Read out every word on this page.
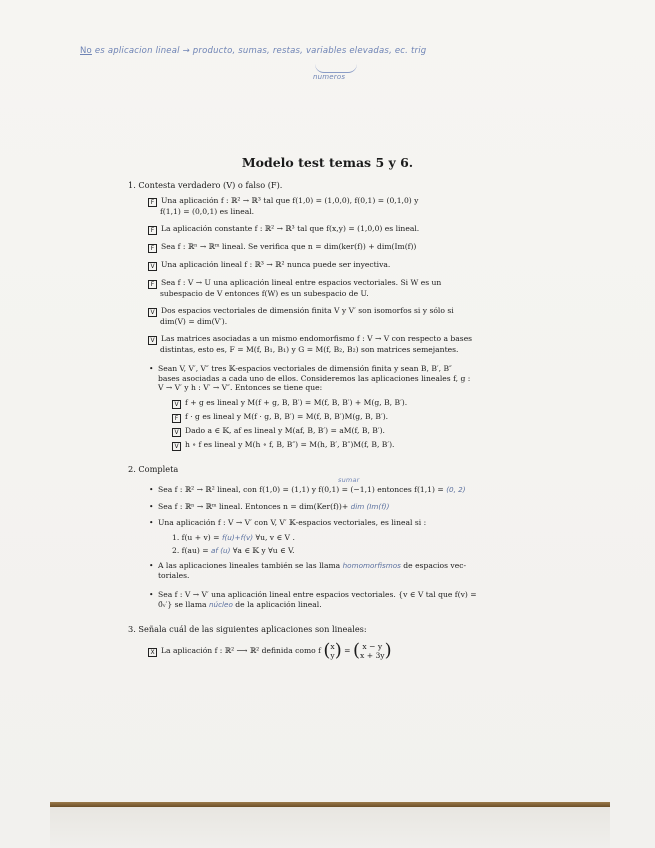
No es aplicacion lineal → producto, sumas, restas, variables elevadas, ec. trig
numeros
Modelo test temas 5 y 6.
1. Contesta verdadero (V) o falso (F).
F Una aplicación f : ℝ² → ℝ³ tal que f(1,0) = (1,0,0), f(0,1) = (0,1,0) y
f(1,1) = (0,0,1) es lineal.
F La aplicación constante f : ℝ² → ℝ³ tal que f(x,y) = (1,0,0) es lineal.
F Sea f : ℝⁿ → ℝᵐ lineal. Se verifica que n = dim(ker(f)) + dim(Im(f))
V Una aplicación lineal f : ℝ³ → ℝ² nunca puede ser inyectiva.
F Sea f : V → U una aplicación lineal entre espacios vectoriales. Si W es un
subespacio de V entonces f(W) es un subespacio de U.
V Dos espacios vectoriales de dimensión finita V y V′ son isomorfos si y sólo si
dim(V) = dim(V′).
V Las matrices asociadas a un mismo endomorfismo f : V → V con respecto a bases
distintas, esto es, F = M(f, B₁, B₁) y G = M(f, B₂, B₂) son matrices semejantes.
• Sean V, V′, V″ tres 𝕂-espacios vectoriales de dimensión finita y sean B, B′, B″
bases asociadas a cada uno de ellos. Consideremos las aplicaciones lineales f, g :
V → V′ y h : V′ → V″. Entonces se tiene que:
V f + g es lineal y M(f + g, B, B′) = M(f, B, B′) + M(g, B, B′).
F f · g es lineal y M(f · g, B, B′) = M(f, B, B′)M(g, B, B′).
V Dado a ∈ 𝕂, af es lineal y M(af, B, B′) = aM(f, B, B′).
V h ∘ f es lineal y M(h ∘ f, B, B″) = M(h, B′, B″)M(f, B, B′).
2. Completa
sumar
• Sea f : ℝ² → ℝ² lineal, con f(1,0) = (1,1) y f(0,1) = (−1,1) entonces f(1,1) = (0, 2)
• Sea f : ℝⁿ → ℝᵐ lineal. Entonces n = dim(Ker(f))+ dim (Im(f))
• Una aplicación f : V → V′ con V, V′ 𝕂-espacios vectoriales, es lineal si :
1. f(u + v) = f(u)+f(v) ∀u, v ∈ V .
2. f(au) = af (u) ∀a ∈ 𝕂 y ∀u ∈ V.
• A las aplicaciones lineales también se las llama homomorfismos de espacios vec-
toriales.
• Sea f : V → V′ una aplicación lineal entre espacios vectoriales. {v ∈ V tal que f(v) =
0̄ᵥ′} se llama núcleo de la aplicación lineal.
3. Señala cuál de las siguientes aplicaciones son lineales:
X La aplicación f : ℝ² ⟶ ℝ² definida como f (x
y) = ( x − y
x + 3y)
